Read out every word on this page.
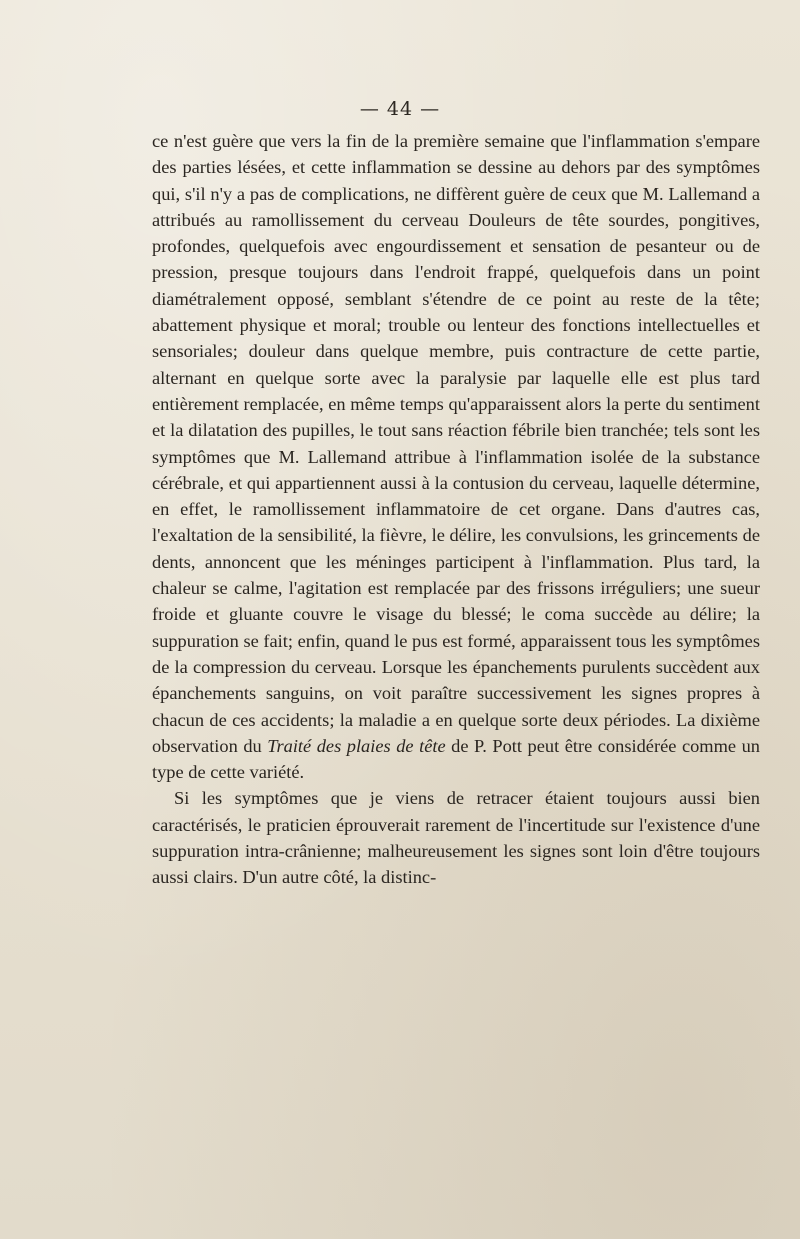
— 44 —

ce n'est guère que vers la fin de la première semaine que l'inflammation s'empare des parties lésées, et cette inflammation se dessine au dehors par des symptômes qui, s'il n'y a pas de complications, ne diffèrent guère de ceux que M. Lallemand a attribués au ramollissement du cerveau Douleurs de tête sourdes, pongitives, profondes, quelquefois avec engourdissement et sensation de pesanteur ou de pression, presque toujours dans l'endroit frappé, quelquefois dans un point diamétralement opposé, semblant s'étendre de ce point au reste de la tête; abattement physique et moral; trouble ou lenteur des fonctions intellectuelles et sensoriales; douleur dans quelque membre, puis contracture de cette partie, alternant en quelque sorte avec la paralysie par laquelle elle est plus tard entièrement remplacée, en même temps qu'apparaissent alors la perte du sentiment et la dilatation des pupilles, le tout sans réaction fébrile bien tranchée; tels sont les symptômes que M. Lallemand attribue à l'inflammation isolée de la substance cérébrale, et qui appartiennent aussi à la contusion du cerveau, laquelle détermine, en effet, le ramollissement inflammatoire de cet organe. Dans d'autres cas, l'exaltation de la sensibilité, la fièvre, le délire, les convulsions, les grincements de dents, annoncent que les méninges participent à l'inflammation. Plus tard, la chaleur se calme, l'agitation est remplacée par des frissons irréguliers; une sueur froide et gluante couvre le visage du blessé; le coma succède au délire; la suppuration se fait; enfin, quand le pus est formé, apparaissent tous les symptômes de la compression du cerveau. Lorsque les épanchements purulents succèdent aux épanchements sanguins, on voit paraître successivement les signes propres à chacun de ces accidents; la maladie a en quelque sorte deux périodes. La dixième observation du Traité des plaies de tête de P. Pott peut être considérée comme un type de cette variété.

Si les symptômes que je viens de retracer étaient toujours aussi bien caractérisés, le praticien éprouverait rarement de l'incertitude sur l'existence d'une suppuration intra-crânienne; malheureusement les signes sont loin d'être toujours aussi clairs. D'un autre côté, la distinc-
